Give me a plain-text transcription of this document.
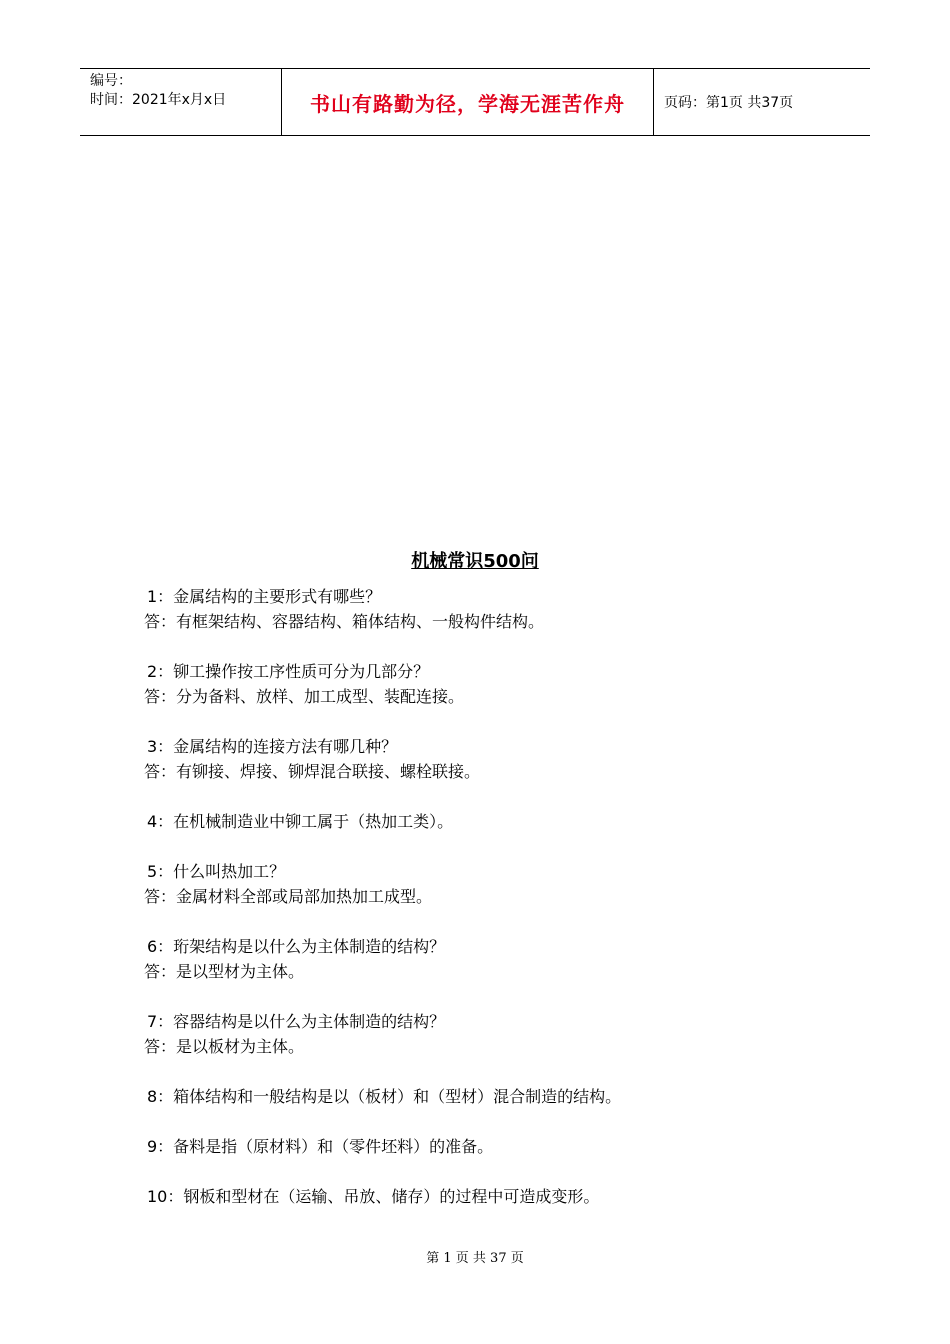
编号：
时间：2021年x月x日	书山有路勤为径，学海无涯苦作舟	页码：第1页 共37页
机械常识500问
1：金属结构的主要形式有哪些？
答：有框架结构、容器结构、箱体结构、一般构件结构。
2：铆工操作按工序性质可分为几部分？
答：分为备料、放样、加工成型、装配连接。
3：金属结构的连接方法有哪几种？
答：有铆接、焊接、铆焊混合联接、螺栓联接。
4：在机械制造业中铆工属于（热加工类）。
5：什么叫热加工？
答：金属材料全部或局部加热加工成型。
6：珩架结构是以什么为主体制造的结构？
答：是以型材为主体。
7：容器结构是以什么为主体制造的结构？
答：是以板材为主体。
8：箱体结构和一般结构是以（板材）和（型材）混合制造的结构。
9：备料是指（原材料）和（零件坯料）的准备。
10：钢板和型材在（运输、吊放、储存）的过程中可造成变形。
第 1 页 共 37 页
